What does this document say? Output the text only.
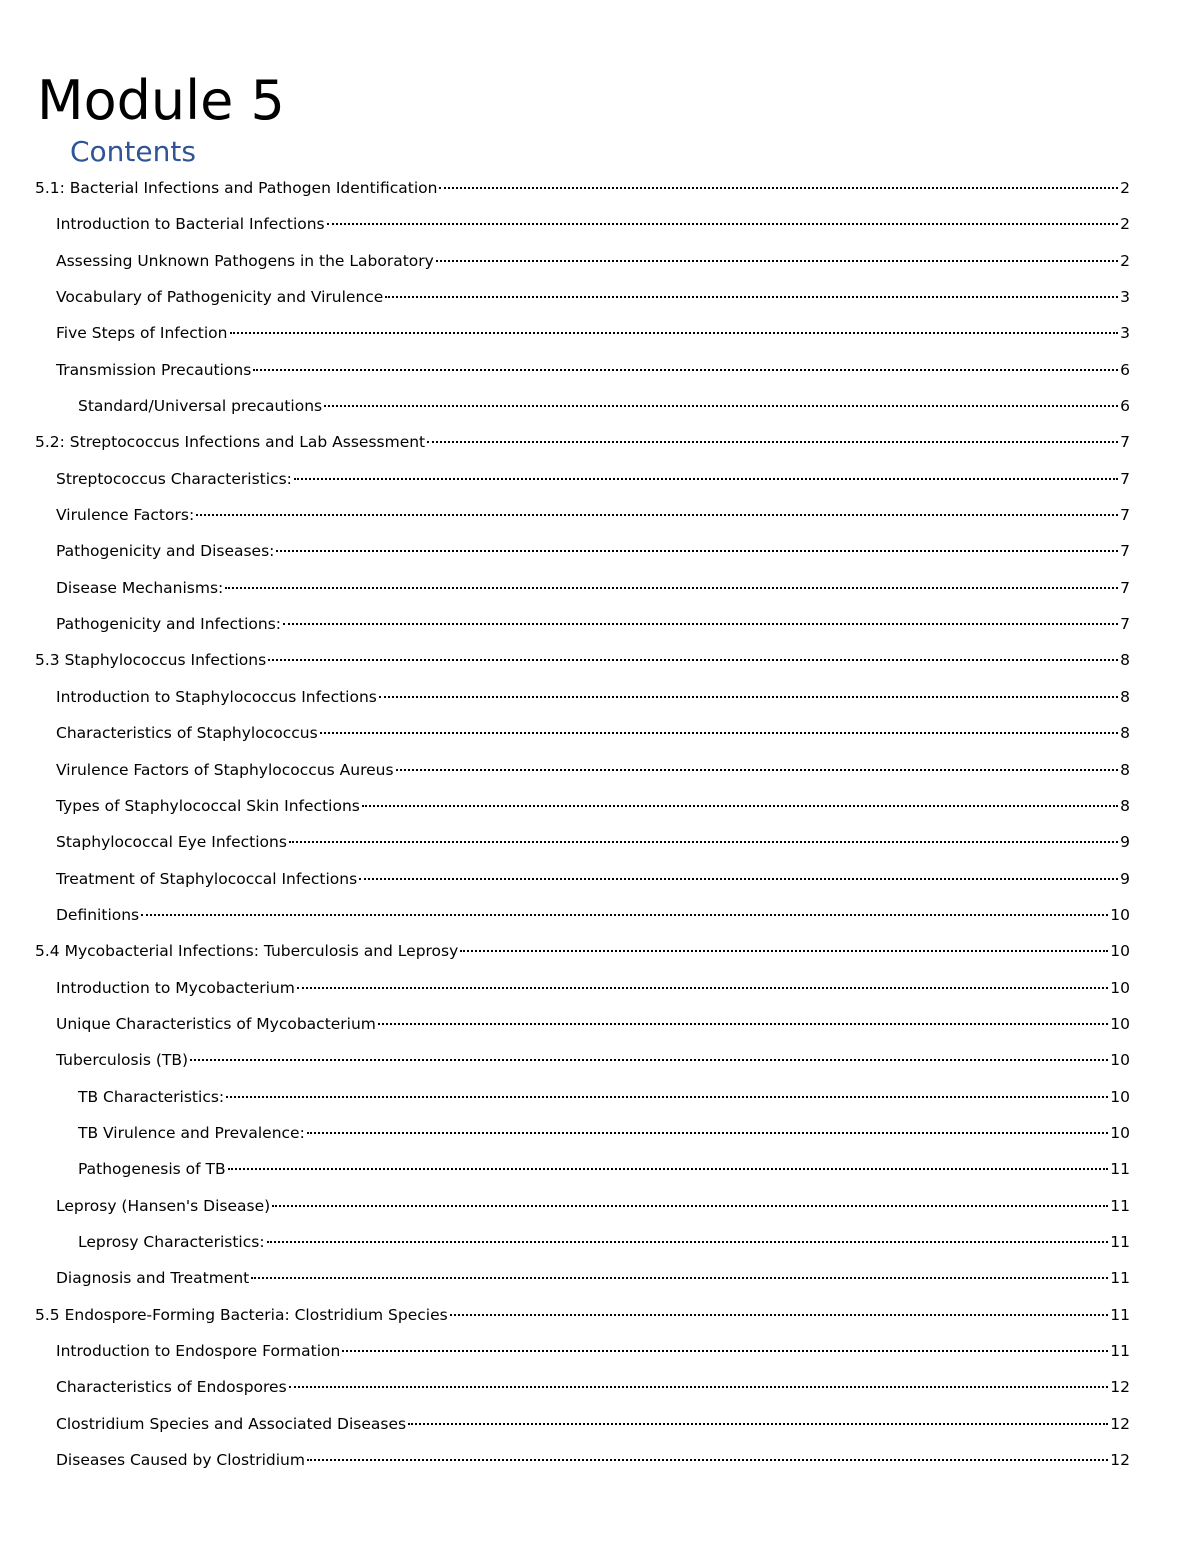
Module 5
Contents
5.1: Bacterial Infections and Pathogen Identification	2
Introduction to Bacterial Infections	2
Assessing Unknown Pathogens in the Laboratory	2
Vocabulary of Pathogenicity and Virulence	3
Five Steps of Infection	3
Transmission Precautions	6
Standard/Universal precautions	6
5.2: Streptococcus Infections and Lab Assessment	7
Streptococcus Characteristics:	7
Virulence Factors:	7
Pathogenicity and Diseases:	7
Disease Mechanisms:	7
Pathogenicity and Infections:	7
5.3 Staphylococcus Infections	8
Introduction to Staphylococcus Infections	8
Characteristics of Staphylococcus	8
Virulence Factors of Staphylococcus Aureus	8
Types of Staphylococcal Skin Infections	8
Staphylococcal Eye Infections	9
Treatment of Staphylococcal Infections	9
Definitions	10
5.4 Mycobacterial Infections: Tuberculosis and Leprosy	10
Introduction to Mycobacterium	10
Unique Characteristics of Mycobacterium	10
Tuberculosis (TB)	10
TB Characteristics:	10
TB Virulence and Prevalence:	10
Pathogenesis of TB	11
Leprosy (Hansen's Disease)	11
Leprosy Characteristics:	11
Diagnosis and Treatment	11
5.5 Endospore-Forming Bacteria: Clostridium Species	11
Introduction to Endospore Formation	11
Characteristics of Endospores	12
Clostridium Species and Associated Diseases	12
Diseases Caused by Clostridium	12
